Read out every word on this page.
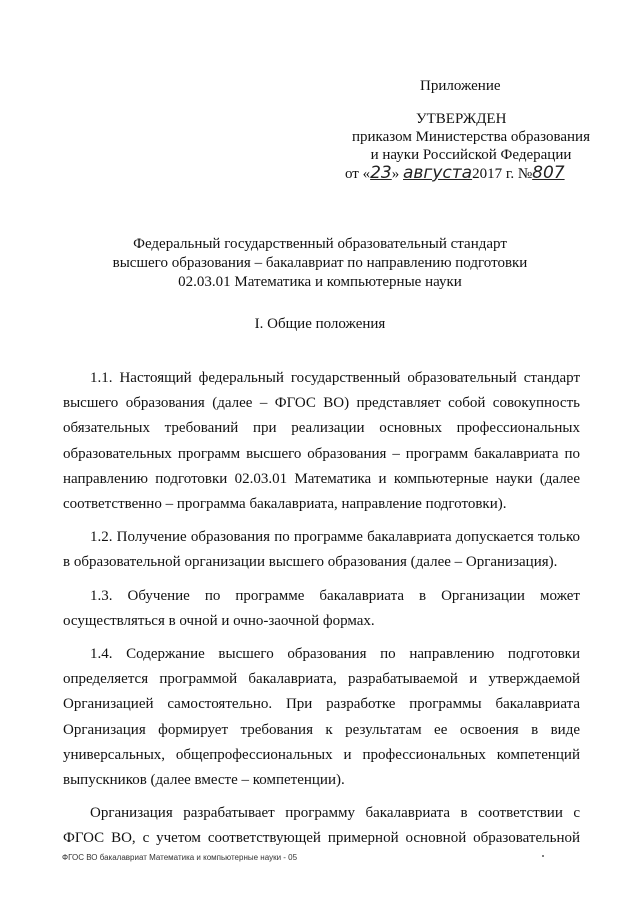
Приложение
УТВЕРЖДЕН
приказом Министерства образования
и науки Российской Федерации
от «23» августа2017 г. №807
Федеральный государственный образовательный стандарт
высшего образования – бакалавриат по направлению подготовки
02.03.01 Математика и компьютерные науки
I. Общие положения

1.1. Настоящий федеральный государственный образовательный стандарт высшего образования (далее – ФГОС ВО) представляет собой совокупность обязательных требований при реализации основных профессиональных образовательных программ высшего образования – программ бакалавриата по направлению подготовки 02.03.01 Математика и компьютерные науки (далее соответственно – программа бакалавриата, направление подготовки).

1.2. Получение образования по программе бакалавриата допускается только в образовательной организации высшего образования (далее – Организация).

1.3. Обучение по программе бакалавриата в Организации может осуществляться в очной и очно-заочной формах.

1.4. Содержание высшего образования по направлению подготовки определяется программой бакалавриата, разрабатываемой и утверждаемой Организацией самостоятельно. При разработке программы бакалавриата Организация формирует требования к результатам ее освоения в виде универсальных, общепрофессиональных и профессиональных компетенций выпускников (далее вместе – компетенции).

Организация разрабатывает программу бакалавриата в соответствии с ФГОС ВО, с учетом соответствующей примерной основной образовательной

ФГОС ВО бакалавриат Математика и компьютерные науки - 05
